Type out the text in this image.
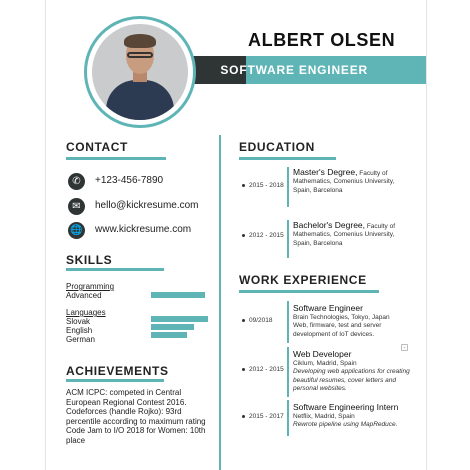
SOFTWARE ENGINEER
ALBERT OLSEN
CONTACT
✆	+123-456-7890
✉	hello@kickresume.com
🌐 www.kickresume.com
SKILLS
Programming
Advanced
Languages
Slovak
English
German
ACHIEVEMENTS

ACM ICPC: competed in Central European Regional Contest 2016.

Codeforces (handle Rojko): 93rd percentile according to maximum rating

Code Jam to I/O 2018 for Women: 10th place

EDUCATION
2015 - 2018
Master's Degree, Faculty of Mathematics, Comenius University, Spain, Barcelona
2012 - 2015
Bachelor's Degree, Faculty of Mathematics, Comenius University, Spain, Barcelona
WORK EXPERIENCE
09/2018
Software Engineer
Brain Technologies, Tokyo, Japan
Web, firmware, test and server development of IoT devices.
2012 - 2015
Web Developer
Ciklum, Madrid, Spain
Developing web applications for creating beautiful resumes, cover letters and personal websites.
2015 - 2017
Software Engineering Intern
Netflix, Madrid, Spain
Rewrote pipeline using MapReduce.
+
